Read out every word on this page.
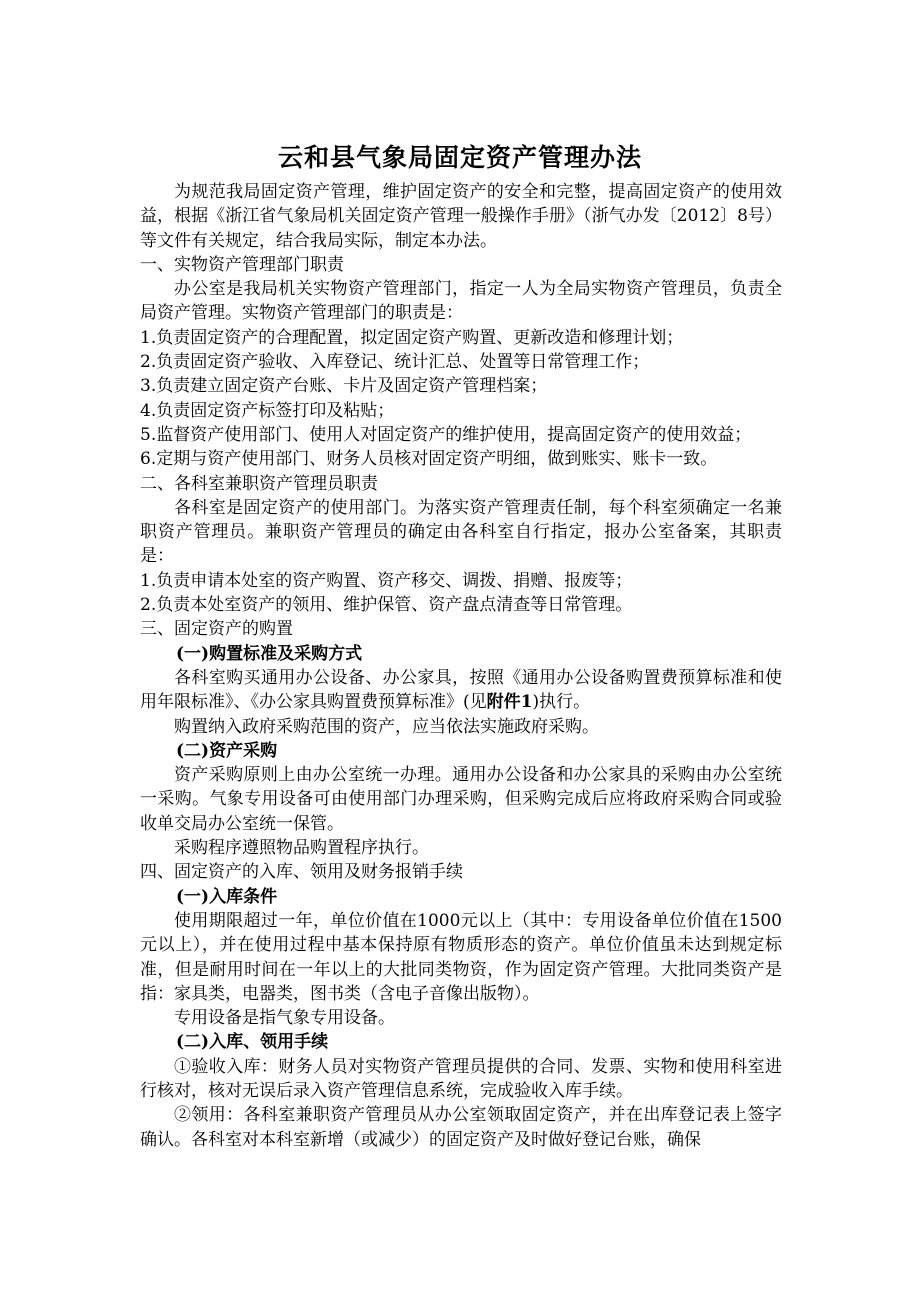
云和县气象局固定资产管理办法

为规范我局固定资产管理，维护固定资产的安全和完整，提高固定资产的使用效益，根据《浙江省气象局机关固定资产管理一般操作手册》（浙气办发〔2012〕8号）等文件有关规定，结合我局实际，制定本办法。

一、实物资产管理部门职责

办公室是我局机关实物资产管理部门，指定一人为全局实物资产管理员，负责全局资产管理。实物资产管理部门的职责是：

1.负责固定资产的合理配置，拟定固定资产购置、更新改造和修理计划；

2.负责固定资产验收、入库登记、统计汇总、处置等日常管理工作；

3.负责建立固定资产台账、卡片及固定资产管理档案；

4.负责固定资产标签打印及粘贴；

5.监督资产使用部门、使用人对固定资产的维护使用，提高固定资产的使用效益；

6.定期与资产使用部门、财务人员核对固定资产明细，做到账实、账卡一致。

二、各科室兼职资产管理员职责

各科室是固定资产的使用部门。为落实资产管理责任制，每个科室须确定一名兼职资产管理员。兼职资产管理员的确定由各科室自行指定，报办公室备案，其职责是：

1.负责申请本处室的资产购置、资产移交、调拨、捐赠、报废等；

2.负责本处室资产的领用、维护保管、资产盘点清查等日常管理。

三、固定资产的购置

(一)购置标准及采购方式

各科室购买通用办公设备、办公家具，按照《通用办公设备购置费预算标准和使用年限标准》、《办公家具购置费预算标准》(见附件1)执行。

购置纳入政府采购范围的资产，应当依法实施政府采购。

(二)资产采购

资产采购原则上由办公室统一办理。通用办公设备和办公家具的采购由办公室统一采购。气象专用设备可由使用部门办理采购，但采购完成后应将政府采购合同或验收单交局办公室统一保管。

采购程序遵照物品购置程序执行。

四、固定资产的入库、领用及财务报销手续

(一)入库条件

使用期限超过一年，单位价值在1000元以上（其中：专用设备单位价值在1500元以上），并在使用过程中基本保持原有物质形态的资产。单位价值虽未达到规定标准，但是耐用时间在一年以上的大批同类物资，作为固定资产管理。大批同类资产是指：家具类，电器类，图书类（含电子音像出版物）。

专用设备是指气象专用设备。

(二)入库、领用手续

①验收入库：财务人员对实物资产管理员提供的合同、发票、实物和使用科室进行核对，核对无误后录入资产管理信息系统，完成验收入库手续。

②领用：各科室兼职资产管理员从办公室领取固定资产，并在出库登记表上签字确认。各科室对本科室新增（或减少）的固定资产及时做好登记台账，确保
